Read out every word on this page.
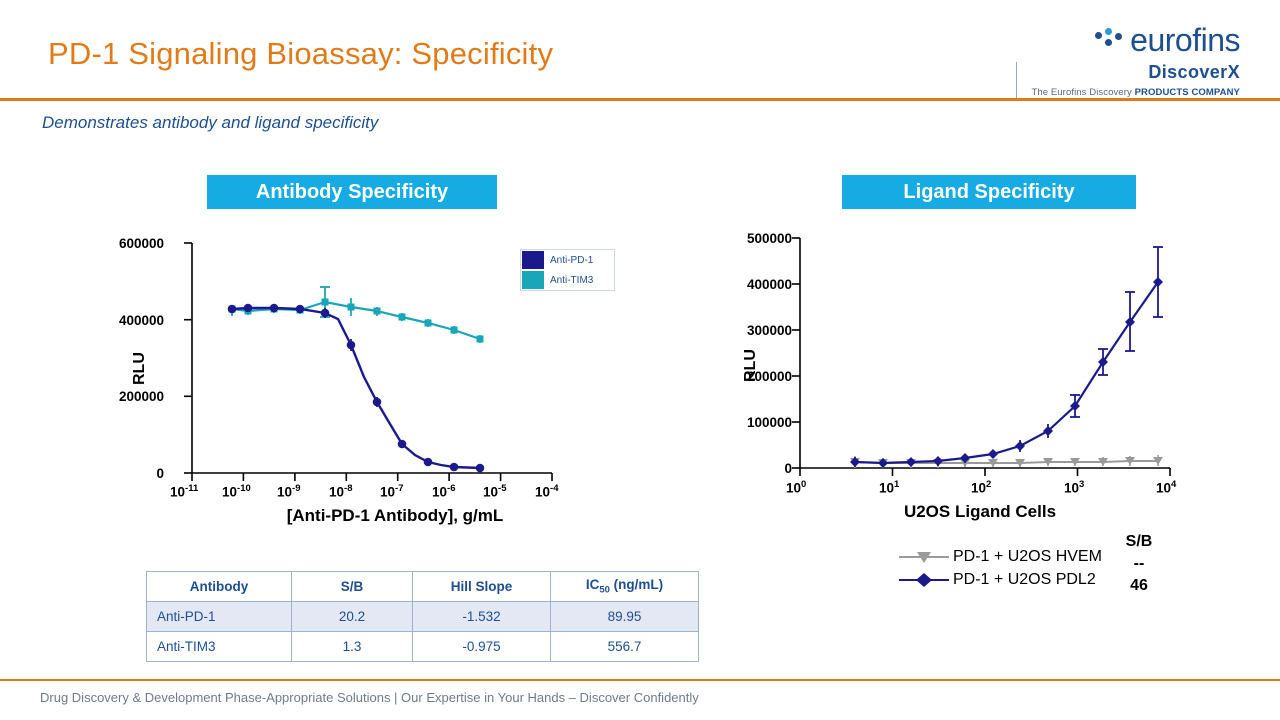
PD-1 Signaling Bioassay: Specificity	eurofins
DiscoverX
The Eurofins Discovery PRODUCTS COMPANY
Demonstrates antibody and ligand specificity
Antibody Specificity	Ligand Specificity
0
200000
400000
600000
$10^{-11}$ $10^{-10}$ $10^{-9}$ $10^{-8}$ $10^{-7}$ $10^{-6}$ $10^{-5}$ $10^{-4}$
RLU
[Anti-PD-1 Antibody], g/mL
Anti-PD-1
Anti-TIM3
0
100000
200000
300000
400000
500000
$10^0$	$10^1$	$10^2$	$10^3$	$10^4$
RLU
U2OS Ligand Cells
PD-1 + U2OS HVEM
PD-1 + U2OS PDL2
S/B
--
46
Antibody	S/B	Hill Slope	$IC_{50}$ (ng/mL)
Anti-PD-1	20.2	-1.532	89.95
Anti-TIM3	1.3	-0.975	556.7
Drug Discovery & Development Phase-Appropriate Solutions | Our Expertise in Your Hands – Discover Confidently
